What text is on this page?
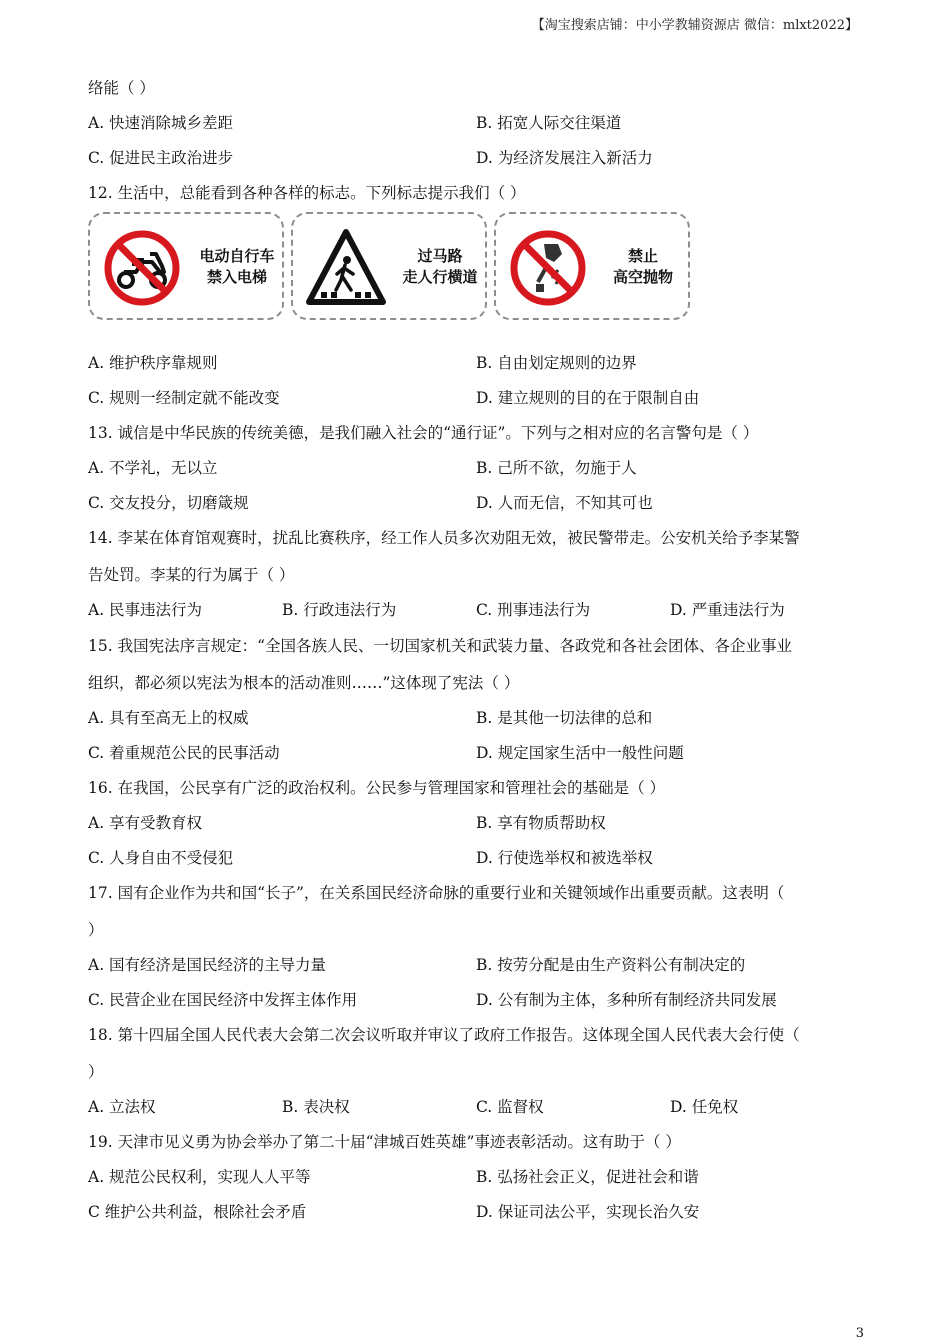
【淘宝搜索店铺：中小学教辅资源店 微信：mlxt2022】
络能（ ）
A. 快速消除城乡差距	B. 拓宽人际交往渠道
C. 促进民主政治进步	D. 为经济发展注入新活力
12. 生活中，总能看到各种各样的标志。下列标志提示我们（ ）
电动自行车
禁入电梯
过马路
走人行横道
禁止
高空抛物
A. 维护秩序靠规则	B. 自由划定规则的边界
C. 规则一经制定就不能改变	D. 建立规则的目的在于限制自由
13. 诚信是中华民族的传统美德，是我们融入社会的“通行证”。下列与之相对应的名言警句是（ ）
A. 不学礼，无以立	B. 己所不欲，勿施于人
C. 交友投分，切磨箴规	D. 人而无信，不知其可也
14. 李某在体育馆观赛时，扰乱比赛秩序，经工作人员多次劝阻无效，被民警带走。公安机关给予李某警
告处罚。李某的行为属于（ ）
A. 民事违法行为	B. 行政违法行为	C. 刑事违法行为	D. 严重违法行为
15. 我国宪法序言规定：“全国各族人民、一切国家机关和武装力量、各政党和各社会团体、各企业事业
组织，都必须以宪法为根本的活动准则……”这体现了宪法（ ）
A. 具有至高无上的权威	B. 是其他一切法律的总和
C. 着重规范公民的民事活动	D. 规定国家生活中一般性问题
16. 在我国，公民享有广泛的政治权利。公民参与管理国家和管理社会的基础是（ ）
A. 享有受教育权	B. 享有物质帮助权
C. 人身自由不受侵犯	D. 行使选举权和被选举权
17. 国有企业作为共和国“长子”，在关系国民经济命脉的重要行业和关键领域作出重要贡献。这表明（
）
A. 国有经济是国民经济的主导力量	B. 按劳分配是由生产资料公有制决定的
C. 民营企业在国民经济中发挥主体作用	D. 公有制为主体，多种所有制经济共同发展
18. 第十四届全国人民代表大会第二次会议听取并审议了政府工作报告。这体现全国人民代表大会行使（
）
A. 立法权	B. 表决权	C. 监督权	D. 任免权
19. 天津市见义勇为协会举办了第二十届“津城百姓英雄”事迹表彰活动。这有助于（ ）
A. 规范公民权利，实现人人平等	B. 弘扬社会正义，促进社会和谐
C 维护公共利益，根除社会矛盾	D. 保证司法公平，实现长治久安
3
